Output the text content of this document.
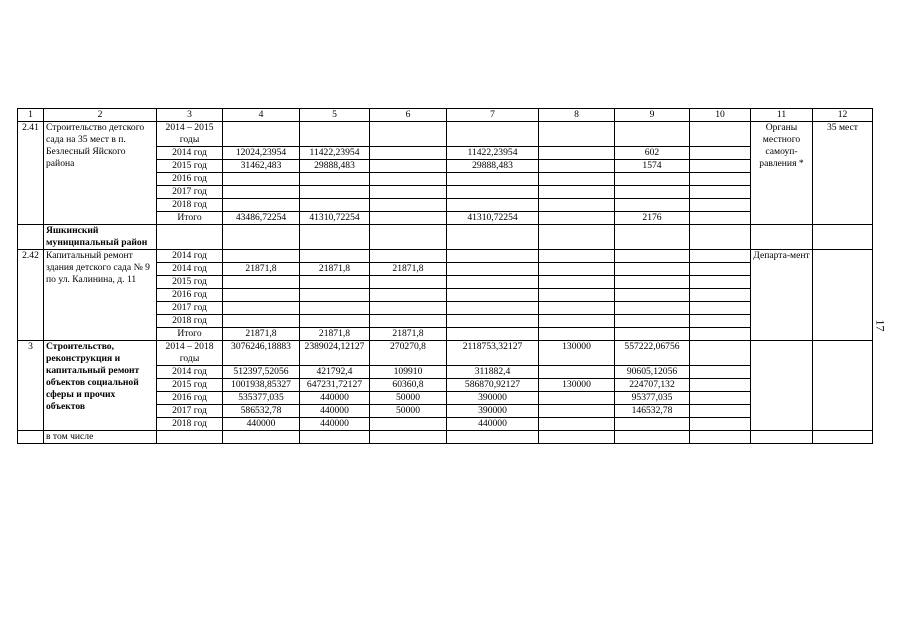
1	2	3	4	5	6	7	8	9	10	11	12
2.41	Строительство детского сада на 35 мест в п. Безлесный Яйского района	2014 – 2015 годы								Органы местного самоуп-равления *	35 мест
		2014 год	12024,23954	11422,23954		11422,23954		602			
		2015 год	31462,483	29888,483		29888,483		1574			
		2016 год									
		2017 год									
		2018 год									
		Итого	43486,72254	41310,72254		41310,72254		2176			
	Яшкинский муниципальный район										
2.42	Капитальный ремонт здания детского сада № 9 по ул. Калинина, д. 11	2014 год								Департа-мент	
		2014 год	21871,8	21871,8	21871,8						
		2015 год									
		2016 год									
		2017 год									
		2018 год									
		Итого	21871,8	21871,8	21871,8						
3	Строительство, реконструкция и капитальный ремонт объектов социальной сферы и прочих объектов	2014 – 2018 годы	3076246,18883	2389024,12127	270270,8	2118753,32127	130000	557222,06756			
		2014 год	512397,52056	421792,4	109910	311882,4		90605,12056			
		2015 год	1001938,85327	647231,72127	60360,8	586870,92127	130000	224707,132			
		2016 год	535377,035	440000	50000	390000		95377,035			
		2017 год	586532,78	440000	50000	390000		146532,78			
		2018 год	440000	440000		440000					
	в том числе										
17
